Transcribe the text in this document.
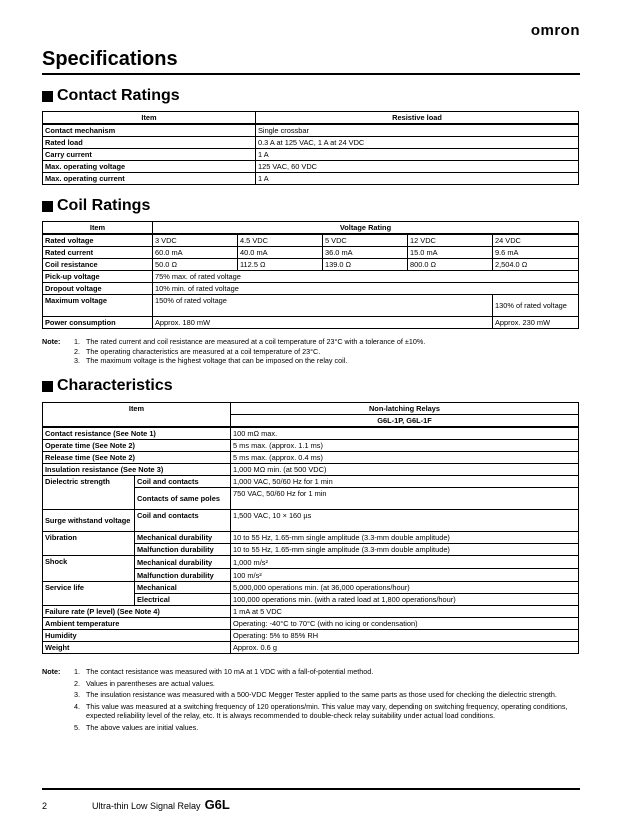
omron
Specifications
Contact Ratings
Item	Resistive load
Contact mechanism	Single crossbar
Rated load	0.3 A at 125 VAC, 1 A at 24 VDC
Carry current	1 A
Max. operating voltage	125 VAC, 60 VDC
Max. operating current	1 A
Coil Ratings
Item	Voltage Rating				
Rated voltage	3 VDC	4.5 VDC	5 VDC	12 VDC	24 VDC
Rated current	60.0 mA	40.0 mA	36.0 mA	15.0 mA	9.6 mA
Coil resistance	50.0 Ω	112.5 Ω	139.0 Ω	800.0 Ω	2,504.0 Ω
Pick-up voltage	75% max. of rated voltage				
Dropout voltage	10% min. of rated voltage				
Maximum voltage	150% of rated voltage				130% of rated voltage
Power consumption	Approx. 180 mW				Approx. 230 mW
Note:	1. The rated current and coil resistance are measured at a coil temperature of 23°C with a tolerance of ±10%.
2. The operating characteristics are measured at a coil temperature of 23°C.
3. The maximum voltage is the highest voltage that can be imposed on the relay coil.
Characteristics
Item		Non-latching Relays
		G6L-1P, G6L-1F
Contact resistance (See Note 1)		100 mΩ max.
Operate time (See Note 2)		5 ms max. (approx. 1.1 ms)
Release time (See Note 2)		5 ms max. (approx. 0.4 ms)
Insulation resistance (See Note 3)		1,000 MΩ min. (at 500 VDC)
Dielectric strength	Coil and contacts	1,000 VAC, 50/60 Hz for 1 min
	Contacts of same poles	750 VAC, 50/60 Hz for 1 min
Surge withstand voltage	Coil and contacts	1,500 VAC, 10 × 160 µs
Vibration	Mechanical durability	10 to 55 Hz, 1.65-mm single amplitude (3.3-mm double amplitude)
	Malfunction durability	10 to 55 Hz, 1.65-mm single amplitude (3.3-mm double amplitude)
Shock	Mechanical durability	1,000 m/s²
	Malfunction durability	100 m/s²
Service life	Mechanical	5,000,000 operations min. (at 36,000 operations/hour)
	Electrical	100,000 operations min. (with a rated load at 1,800 operations/hour)
Failure rate (P level) (See Note 4)		1 mA at 5 VDC
Ambient temperature		Operating: -40°C to 70°C (with no icing or condensation)
Humidity		Operating: 5% to 85% RH
Weight		Approx. 0.6 g
Note:	1. The contact resistance was measured with 10 mA at 1 VDC with a fall-of-potential method.
2. Values in parentheses are actual values.
3. The insulation resistance was measured with a 500-VDC Megger Tester applied to the same parts as those used for checking the dielectric strength.
4. This value was measured at a switching frequency of 120 operations/min. This value may vary, depending on switching frequency, operating conditions, expected reliability level of the relay, etc. It is always recommended to double-check relay suitability under actual load conditions.
5. The above values are initial values.
2	Ultra-thin Low Signal Relay G6L
